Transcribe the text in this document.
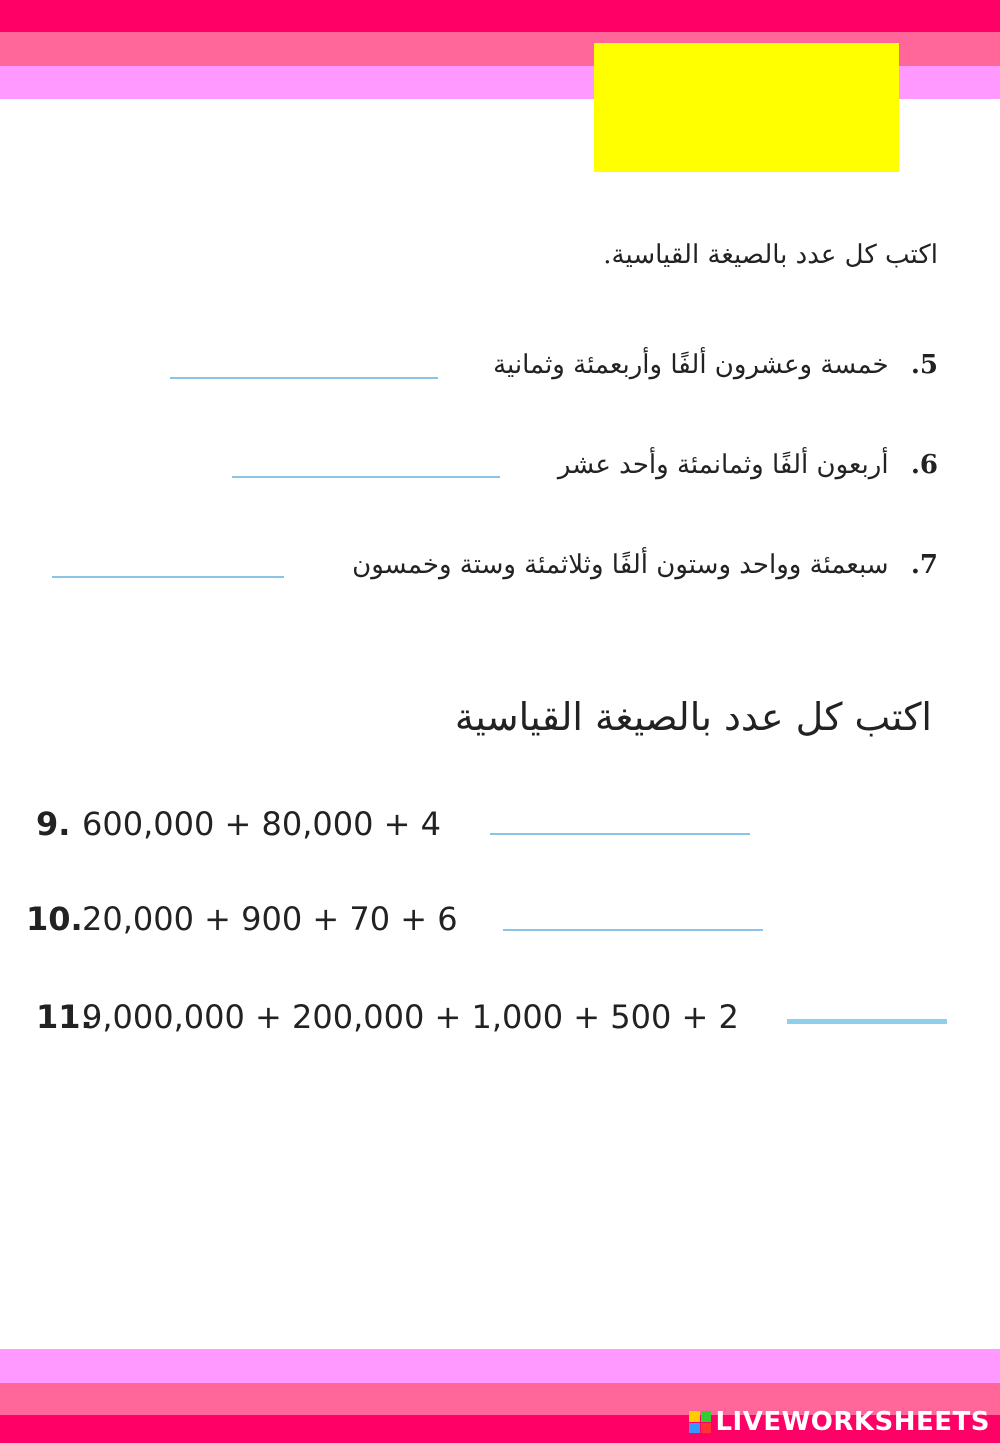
اكتب كل عدد بالصيغة القياسية.
5. خمسة وعشرون ألفًا وأربعمئة وثمانية
6. أربعون ألفًا وثمانمئة وأحد عشر
7. سبعمئة وواحد وستون ألفًا وثلاثمئة وستة وخمسون
اكتب كل عدد بالصيغة القياسية
9. 600,000 + 80,000 + 4
10.20,000 + 900 + 70 + 6
11.9,000,000 + 200,000 + 1,000 + 500 + 2
LIVEWORKSHEETS
